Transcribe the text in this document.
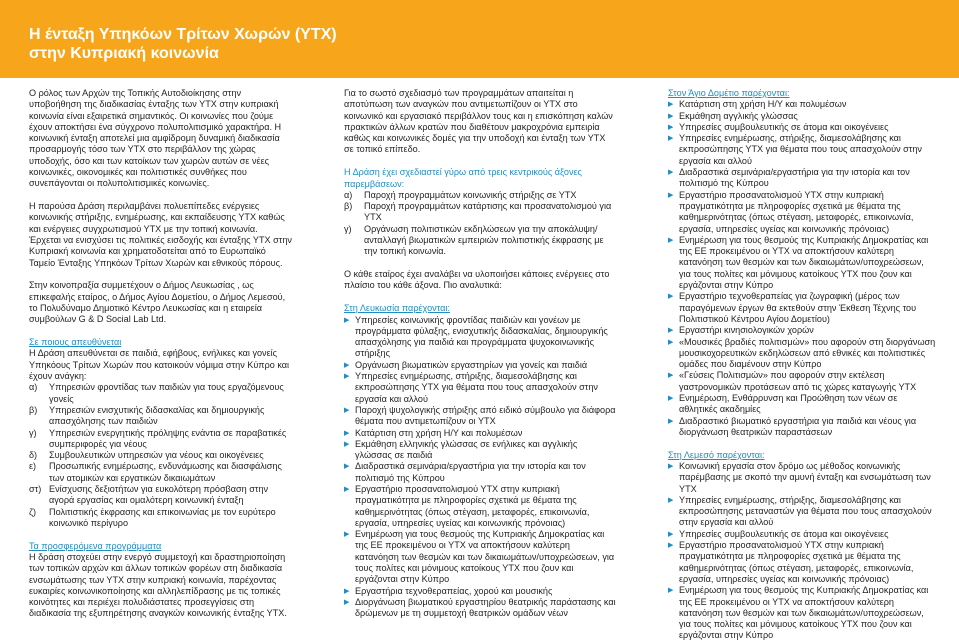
Η ένταξη Υπηκόων Τρίτων Χωρών (ΥΤΧ)
στην Κυπριακή κοινωνία

Ο ρόλος των Αρχών της Τοπικής Αυτοδιοίκησης στην υποβοήθηση της διαδικασίας ένταξης των ΥΤΧ στην κυπριακή κοινωνία είναι εξαιρετικά σημαντικός. Οι κοινωνίες που ζούμε έχουν αποκτήσει ένα σύγχρονο πολυπολιτισμικό χαρακτήρα. Η κοινωνική ένταξη αποτελεί μια αμφίδρομη δυναμική διαδικασία προσαρμογής τόσο των ΥΤΧ στο περιβάλλον της χώρας υποδοχής, όσο και των κατοίκων των χωρών αυτών σε νέες κοινωνικές, οικονομικές και πολιτιστικές συνθήκες που συνεπάγονται οι πολυπολιτισμικές κοινωνίες.

Η παρούσα Δράση περιλαμβάνει πολυεπίπεδες ενέργειες κοινωνικής στήριξης, ενημέρωσης, και εκπαίδευσης ΥΤΧ καθώς και ενέργειες συγχρωτισμού ΥΤΧ με την τοπική κοινωνία. Έρχεται να ενισχύσει τις πολιτικές εισδοχής και ένταξης ΥΤΧ στην Κυπριακή κοινωνία και χρηματοδοτείται από το Ευρωπαϊκό Ταμείο Ένταξης Υπηκόων Τρίτων Χωρών και εθνικούς πόρους.

Στην κοινοπραξία συμμετέχουν ο Δήμος Λευκωσίας , ως επικεφαλής εταίρος, ο Δήμος Αγίου Δομετίου, ο Δήμος Λεμεσού, το Πολυδύναμο Δημοτικό Κέντρο Λευκωσίας και η εταιρεία συμβούλων G & D Social Lab Ltd.

Σε ποιους απευθύνεται

Η Δράση απευθύνεται σε παιδιά, εφήβους, ενήλικες και γονείς Υπηκόους Τρίτων Χωρών που κατοικούν νόμιμα στην Κύπρο και έχουν ανάγκη:

α)	Υπηρεσιών φροντίδας των παιδιών για τους εργαζόμενους γονείς
β)	Υπηρεσιών ενισχυτικής διδασκαλίας και δημιουργικής απασχόλησης των παιδιών
γ)	Υπηρεσιών ενεργητικής πρόληψης ενάντια σε παραβατικές συμπεριφορές για νέους
δ)	Συμβουλευτικών υπηρεσιών για νέους και οικογένειες
ε)	Προσωπικής ενημέρωσης, ενδυνάμωσης και διασφάλισης των ατομικών και εργατικών δικαιωμάτων
στ) Ενίσχυσης δεξιοτήτων για ευκολότερη πρόσβαση στην αγορά εργασίας και ομαλότερη κοινωνική ένταξη
ζ)	Πολιτιστικής έκφρασης και επικοινωνίας με τον ευρύτερο κοινωνικό περίγυρο
Τα προσφερόμενα προγράμματα

Η δράση στοχεύει στην ενεργό συμμετοχή και δραστηριοποίηση των τοπικών αρχών και άλλων τοπικών φορέων στη διαδικασία ενσωμάτωσης των ΥΤΧ στην κυπριακή κοινωνία, παρέχοντας ευκαιρίες κοινωνικοποίησης και αλληλεπίδρασης με τις τοπικές κοινότητες και περιέχει πολυδιάστατες προσεγγίσεις στη διαδικασία της εξυπηρέτησης αναγκών κοινωνικής ένταξης ΥΤΧ.

Για το σωστό σχεδιασμό των προγραμμάτων απαιτείται η αποτύπωση των αναγκών που αντιμετωπίζουν οι ΥΤΧ στο κοινωνικό και εργασιακό περιβάλλον τους και η επισκόπηση καλών πρακτικών άλλων κρατών που διαθέτουν μακροχρόνια εμπειρία καθώς και κοινωνικές δομές για την υποδοχή και ένταξη των ΥΤΧ σε τοπικό επίπεδο.

Η Δράση έχει σχεδιαστεί γύρω από τρεις κεντρικούς άξονες παρεμβάσεων:
α)	Παροχή προγραμμάτων κοινωνικής στήριξης σε ΥΤΧ
β)	Παροχή προγραμμάτων κατάρτισης και προσανατολισμού για ΥΤΧ
γ)	Οργάνωση πολιτιστικών εκδηλώσεων για την αποκάλυψη/ανταλλαγή βιωματικών εμπειριών πολιτιστικής έκφρασης με την τοπική κοινωνία.

Ο κάθε εταίρος έχει αναλάβει να υλοποιήσει κάποιες ενέργειες στο πλαίσιο του κάθε άξονα. Πιο αναλυτικά:

Στη Λευκωσία παρέχονται:
▶ Υπηρεσίες κοινωνικής φροντίδας παιδιών και γονέων με προγράμματα φύλαξης, ενισχυτικής διδασκαλίας, δημιουργικής απασχόλησης για παιδιά και προγράμματα ψυχοκοινωνικής στήριξης
▶ Οργάνωση βιωματικών εργαστηρίων για γονείς και παιδιά
▶ Υπηρεσίες ενημέρωσης, στήριξης, διαμεσολάβησης και εκπροσώπησης ΥΤΧ για θέματα που τους απασχολούν στην εργασία και αλλού
▶ Παροχή ψυχολογικής στήριξης από ειδικό σύμβουλο για διάφορα θέματα που αντιμετωπίζουν οι ΥΤΧ
▶ Κατάρτιση στη χρήση Η/Υ και πολυμέσων
▶ Εκμάθηση ελληνικής γλώσσας σε ενήλικες και αγγλικής γλώσσας σε παιδιά
▶ Διαδραστικά σεμινάρια/εργαστήρια για την ιστορία και τον πολιτισμό της Κύπρου
▶ Εργαστήριο προσανατολισμού ΥΤΧ στην κυπριακή πραγματικότητα με πληροφορίες σχετικά με θέματα της καθημερινότητας (όπως στέγαση, μεταφορές, επικοινωνία, εργασία, υπηρεσίες υγείας και κοινωνικής πρόνοιας)
▶ Ενημέρωση για τους θεσμούς της Κυπριακής Δημοκρατίας και της ΕΕ προκειμένου οι ΥΤΧ να αποκτήσουν καλύτερη κατανόηση των θεσμών και των δικαιωμάτων/υποχρεώσεων, για τους πολίτες και μόνιμους κατοίκους ΥΤΧ που ζουν και εργάζονται στην Κύπρο
▶ Εργαστήρια τεχνοθεραπείας, χορού και μουσικής
▶ Διοργάνωση βιωματικού εργαστηρίου θεατρικής παράστασης και δρώμενων με τη συμμετοχή θεατρικών ομάδων νέων
Στον Άγιο Δομέτιο παρέχονται:
▶ Κατάρτιση στη χρήση Η/Υ και πολυμέσων
▶ Εκμάθηση αγγλικής γλώσσας
▶ Υπηρεσίες συμβουλευτικής σε άτομα και οικογένειες
▶ Υπηρεσίες ενημέρωσης, στήριξης, διαμεσολάβησης και εκπροσώπησης ΥΤΧ για θέματα που τους απασχολούν στην εργασία και αλλού
▶ Διαδραστικά σεμινάρια/εργαστήρια για την ιστορία και τον πολιτισμό της Κύπρου
▶ Εργαστήριο προσανατολισμού ΥΤΧ στην κυπριακή πραγματικότητα με πληροφορίες σχετικά με θέματα της καθημερινότητας (όπως στέγαση, μεταφορές, επικοινωνία, εργασία, υπηρεσίες υγείας και κοινωνικής πρόνοιας)
▶ Ενημέρωση για τους θεσμούς της Κυπριακής Δημοκρατίας και της ΕΕ προκειμένου οι ΥΤΧ να αποκτήσουν καλύτερη κατανόηση των θεσμών και των δικαιωμάτων/υποχρεώσεων, για τους πολίτες και μόνιμους κατοίκους ΥΤΧ που ζουν και εργάζονται στην Κύπρο
▶ Εργαστήριο τεχνοθεραπείας για ζωγραφική (μέρος των παραγόμενων έργων θα εκτεθούν στην Έκθεση Τέχνης του Πολιτιστικού Κέντρου Αγίου Δομετίου)
▶ Εργαστήρι κινησιολογικών χορών
▶ «Μουσικές βραδιές πολιτισμών» που αφορούν στη διοργάνωση μουσικοχορευτικών εκδηλώσεων από εθνικές και πολιτιστικές ομάδες που διαμένουν στην Κύπρο
▶ «Γεύσεις Πολιτισμών» που αφορούν στην εκτέλεση γαστρονομικών προτάσεων από τις χώρες καταγωγής ΥΤΧ
▶ Ενημέρωση, Ενθάρρυνση και Προώθηση των νέων σε αθλητικές ακαδημίες
▶ Διαδραστικό βιωματικό εργαστήρια για παιδιά και νέους για διοργάνωση θεατρικών παραστάσεων
Στη Λεμεσό παρέχονται:
▶ Κοινωνική εργασία στον δρόμο ως μέθοδος κοινωνικής παρέμβασης με σκοπό την αμυνή ένταξη και ενσωμάτωση των ΥΤΧ
▶ Υπηρεσίες ενημέρωσης, στήριξης, διαμεσολάβησης και εκπροσώπησης μεταναστών για θέματα που τους απασχολούν στην εργασία και αλλού
▶ Υπηρεσίες συμβουλευτικής σε άτομα και οικογένειες
▶ Εργαστήριο προσανατολισμού ΥΤΧ στην κυπριακή πραγματικότητα με πληροφορίες σχετικά με θέματα της καθημερινότητας (όπως στέγαση, μεταφορές, επικοινωνία, εργασία, υπηρεσίες υγείας και κοινωνικής πρόνοιας)
▶ Ενημέρωση για τους θεσμούς της Κυπριακής Δημοκρατίας και της ΕΕ προκειμένου οι ΥΤΧ να αποκτήσουν καλύτερη κατανόηση των θεσμών και των δικαιωμάτων/υποχρεώσεων, για τους πολίτες και μόνιμους κατοίκους ΥΤΧ που ζουν και εργάζονται στην Κύπρο
